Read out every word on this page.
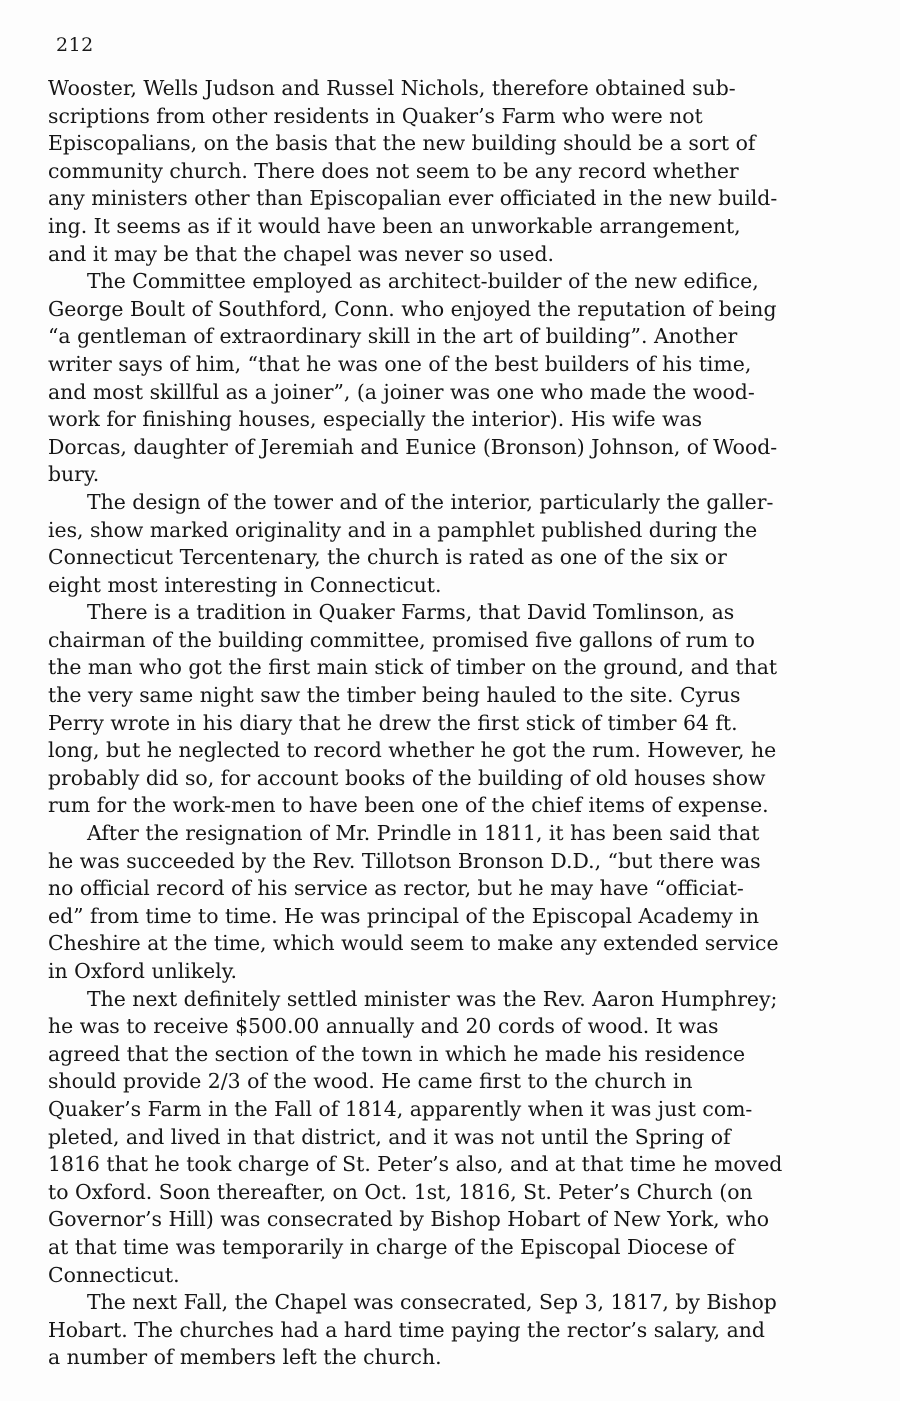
212
Wooster, Wells Judson and Russel Nichols, therefore obtained sub-
scriptions from other residents in Quaker’s Farm who were not
Episcopalians, on the basis that the new building should be a sort of
community church. There does not seem to be any record whether
any ministers other than Episcopalian ever officiated in the new build-
ing. It seems as if it would have been an unworkable arrangement,
and it may be that the chapel was never so used.
The Committee employed as architect-builder of the new edifice,
George Boult of Southford, Conn. who enjoyed the reputation of being
“a gentleman of extraordinary skill in the art of building”. Another
writer says of him, “that he was one of the best builders of his time,
and most skillful as a joiner”, (a joiner was one who made the wood-
work for finishing houses, especially the interior). His wife was
Dorcas, daughter of Jeremiah and Eunice (Bronson) Johnson, of Wood-
bury.
The design of the tower and of the interior, particularly the galler-
ies, show marked originality and in a pamphlet published during the
Connecticut Tercentenary, the church is rated as one of the six or
eight most interesting in Connecticut.
There is a tradition in Quaker Farms, that David Tomlinson, as
chairman of the building committee, promised five gallons of rum to
the man who got the first main stick of timber on the ground, and that
the very same night saw the timber being hauled to the site. Cyrus
Perry wrote in his diary that he drew the first stick of timber 64 ft.
long, but he neglected to record whether he got the rum. However, he
probably did so, for account books of the building of old houses show
rum for the work-men to have been one of the chief items of expense.
After the resignation of Mr. Prindle in 1811, it has been said that
he was succeeded by the Rev. Tillotson Bronson D.D., “but there was
no official record of his service as rector, but he may have “officiat-
ed” from time to time. He was principal of the Episcopal Academy in
Cheshire at the time, which would seem to make any extended service
in Oxford unlikely.
The next definitely settled minister was the Rev. Aaron Humphrey;
he was to receive $500.00 annually and 20 cords of wood. It was
agreed that the section of the town in which he made his residence
should provide 2/3 of the wood. He came first to the church in
Quaker’s Farm in the Fall of 1814, apparently when it was just com-
pleted, and lived in that district, and it was not until the Spring of
1816 that he took charge of St. Peter’s also, and at that time he moved
to Oxford. Soon thereafter, on Oct. 1st, 1816, St. Peter’s Church (on
Governor’s Hill) was consecrated by Bishop Hobart of New York, who
at that time was temporarily in charge of the Episcopal Diocese of
Connecticut.
The next Fall, the Chapel was consecrated, Sep 3, 1817, by Bishop
Hobart. The churches had a hard time paying the rector’s salary, and
a number of members left the church.
